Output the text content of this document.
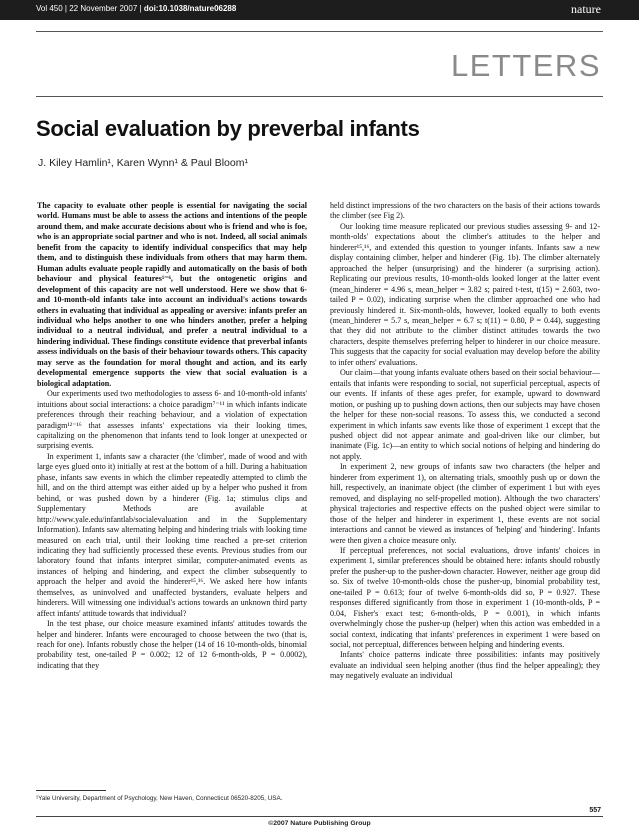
Vol 450 | 22 November 2007 | doi:10.1038/nature06288	nature
LETTERS
Social evaluation by preverbal infants
J. Kiley Hamlin¹, Karen Wynn¹ & Paul Bloom¹

The capacity to evaluate other people is essential for navigating the social world. Humans must be able to assess the actions and intentions of the people around them, and make accurate decisions about who is friend and who is foe, who is an appropriate social partner and who is not. Indeed, all social animals benefit from the capacity to identify individual conspecifics that may help them, and to distinguish these individuals from others that may harm them. Human adults evaluate people rapidly and automatically on the basis of both behaviour and physical features¹⁻⁶, but the ontogenetic origins and development of this capacity are not well understood. Here we show that 6- and 10-month-old infants take into account an individual's actions towards others in evaluating that individual as appealing or aversive: infants prefer an individual who helps another to one who hinders another, prefer a helping individual to a neutral individual, and prefer a neutral individual to a hindering individual. These findings constitute evidence that preverbal infants assess individuals on the basis of their behaviour towards others. This capacity may serve as the foundation for moral thought and action, and its early developmental emergence supports the view that social evaluation is a biological adaptation.

Our experiments used two methodologies to assess 6- and 10-month-old infants' intuitions about social interactions: a choice paradigm⁷⁻¹¹ in which infants indicate preferences through their reaching behaviour, and a violation of expectation paradigm¹²⁻¹⁶ that assesses infants' expectations via their looking times, capitalizing on the phenomenon that infants tend to look longer at unexpected or surprising events.

In experiment 1, infants saw a character (the 'climber', made of wood and with large eyes glued onto it) initially at rest at the bottom of a hill. During a habituation phase, infants saw events in which the climber repeatedly attempted to climb the hill, and on the third attempt was either aided up by a helper who pushed it from behind, or was pushed down by a hinderer (Fig. 1a; stimulus clips and Supplementary Methods are available at http://www.yale.edu/infantlab/socialevaluation and in the Supplementary Information). Infants saw alternating helping and hindering trials with looking time measured on each trial, until their looking time reached a pre-set criterion indicating they had sufficiently processed these events. Previous studies from our laboratory found that infants interpret similar, computer-animated events as instances of helping and hindering, and expect the climber subsequently to approach the helper and avoid the hinderer¹⁵,¹⁶. We asked here how infants themselves, as uninvolved and unaffected bystanders, evaluate helpers and hinderers. Will witnessing one individual's actions towards an unknown third party affect infants' attitude towards that individual?

In the test phase, our choice measure examined infants' attitudes towards the helper and hinderer. Infants were encouraged to choose between the two (that is, reach for one). Infants robustly chose the helper (14 of 16 10-month-olds, binomial probability test, one-tailed P = 0.002; 12 of 12 6-month-olds, P = 0.0002), indicating that they

held distinct impressions of the two characters on the basis of their actions towards the climber (see Fig 2).

Our looking time measure replicated our previous studies assessing 9- and 12-month-olds' expectations about the climber's attitudes to the helper and hinderer¹⁵,¹⁶, and extended this question to younger infants. Infants saw a new display containing climber, helper and hinderer (Fig. 1b). The climber alternately approached the helper (unsurprising) and the hinderer (a surprising action). Replicating our previous results, 10-month-olds looked longer at the latter event (mean_hinderer = 4.96 s, mean_helper = 3.82 s; paired t-test, t(15) = 2.603, two-tailed P = 0.02), indicating surprise when the climber approached one who had previously hindered it. Six-month-olds, however, looked equally to both events (mean_hinderer = 5.7 s, mean_helper = 6.7 s; t(11) = 0.80, P = 0.44), suggesting that they did not attribute to the climber distinct attitudes towards the two characters, despite themselves preferring helper to hinderer in our choice measure. This suggests that the capacity for social evaluation may develop before the ability to infer others' evaluations.

Our claim—that young infants evaluate others based on their social behaviour—entails that infants were responding to social, not superficial perceptual, aspects of our events. If infants of these ages prefer, for example, upward to downward motion, or pushing up to pushing down actions, then our subjects may have chosen the helper for these non-social reasons. To assess this, we conducted a second experiment in which infants saw events like those of experiment 1 except that the pushed object did not appear animate and goal-driven like our climber, but inanimate (Fig. 1c)—an entity to which social notions of helping and hindering do not apply.

In experiment 2, new groups of infants saw two characters (the helper and hinderer from experiment 1), on alternating trials, smoothly push up or down the hill, respectively, an inanimate object (the climber of experiment 1 but with eyes removed, and displaying no self-propelled motion). Although the two characters' physical trajectories and respective effects on the pushed object were similar to those of the helper and hinderer in experiment 1, these events are not social interactions and cannot be viewed as instances of 'helping' and 'hindering'. Infants were then given a choice measure only.

If perceptual preferences, not social evaluations, drove infants' choices in experiment 1, similar preferences should be obtained here: infants should robustly prefer the pusher-up to the pusher-down character. However, neither age group did so. Six of twelve 10-month-olds chose the pusher-up, binomial probability test, one-tailed P = 0.613; four of twelve 6-month-olds did so, P = 0.927. These responses differed significantly from those in experiment 1 (10-month-olds, P = 0.04, Fisher's exact test; 6-month-olds, P = 0.001), in which infants overwhelmingly chose the pusher-up (helper) when this action was embedded in a social context, indicating that infants' preferences in experiment 1 were based on social, not perceptual, differences between helping and hindering events.

Infants' choice patterns indicate three possibilities: infants may positively evaluate an individual seen helping another (thus find the helper appealing); they may negatively evaluate an individual

¹Yale University, Department of Psychology, New Haven, Connecticut 06520-8205, USA.
557
©2007 Nature Publishing Group
